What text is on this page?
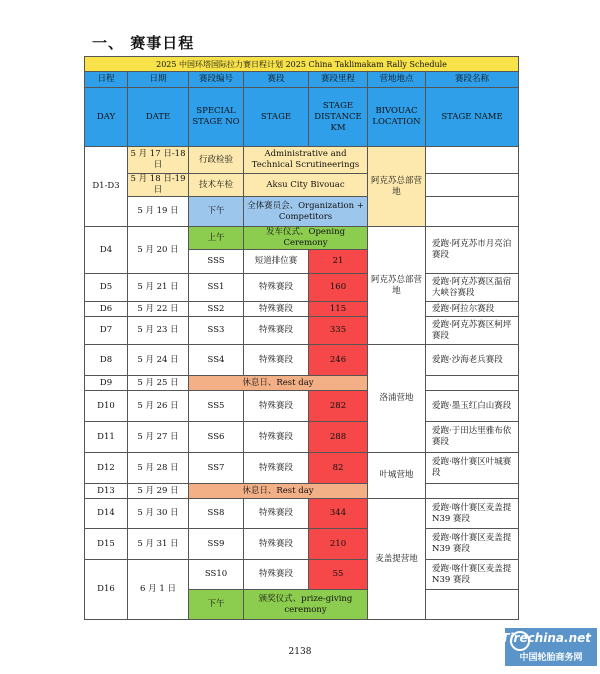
一、 赛事日程
2025 中国环塔国际拉力赛日程计划 2025 China Taklimakam Rally Schedule						
日程	日期	赛段编号	赛段	赛段里程	营地地点	赛段名称
DAY	DATE	SPECIAL STAGE NO	STAGE	STAGE DISTANCE KM	BIVOUAC LOCATION	STAGE NAME
D1-D3	5 月 17 日-18 日	行政检验	Administrative and Technical Scrutineerings		阿克苏总部营地	
	5 月 18 日-19 日	技术车检	Aksu City Bivouac			
	5 月 19 日	下午	全体赛员会、Organization + Competitors			
D4	5 月 20 日	上午	发车仪式、Opening Ceremony		阿克苏总部营地	爱跑·阿克苏市月亮泊赛段
		SSS	短道排位赛	21		
D5	5 月 21 日	SS1	特殊赛段	160		爱跑·阿克苏赛区温宿大峡谷赛段
D6	5 月 22 日	SS2	特殊赛段	115		爱跑·阿拉尔赛段
D7	5 月 23 日	SS3	特殊赛段	335		爱跑·阿克苏赛区柯坪赛段
D8	5 月 24 日	SS4	特殊赛段	246	洛浦营地	爱跑·沙海老兵赛段
D9	5 月 25 日	休息日、Rest day				
D10	5 月 26 日	SS5	特殊赛段	282		爱跑·墨玉红白山赛段
D11	5 月 27 日	SS6	特殊赛段	288		爱跑·于田达里雅布依赛段
D12	5 月 28 日	SS7	特殊赛段	82	叶城营地	爱跑·喀什赛区叶城赛段
D13	5 月 29 日	休息日、Rest day				
D14	5 月 30 日	SS8	特殊赛段	344	麦盖提营地	爱跑·喀什赛区麦盖提 N39 赛段
D15	5 月 31 日	SS9	特殊赛段	210		爱跑·喀什赛区麦盖提 N39 赛段
D16	6 月 1 日	SS10	特殊赛段	55		爱跑·喀什赛区麦盖提 N39 赛段
		下午	颁奖仪式、prize-giving ceremony			
2138
Tirechina.net
中国轮胎商务网
